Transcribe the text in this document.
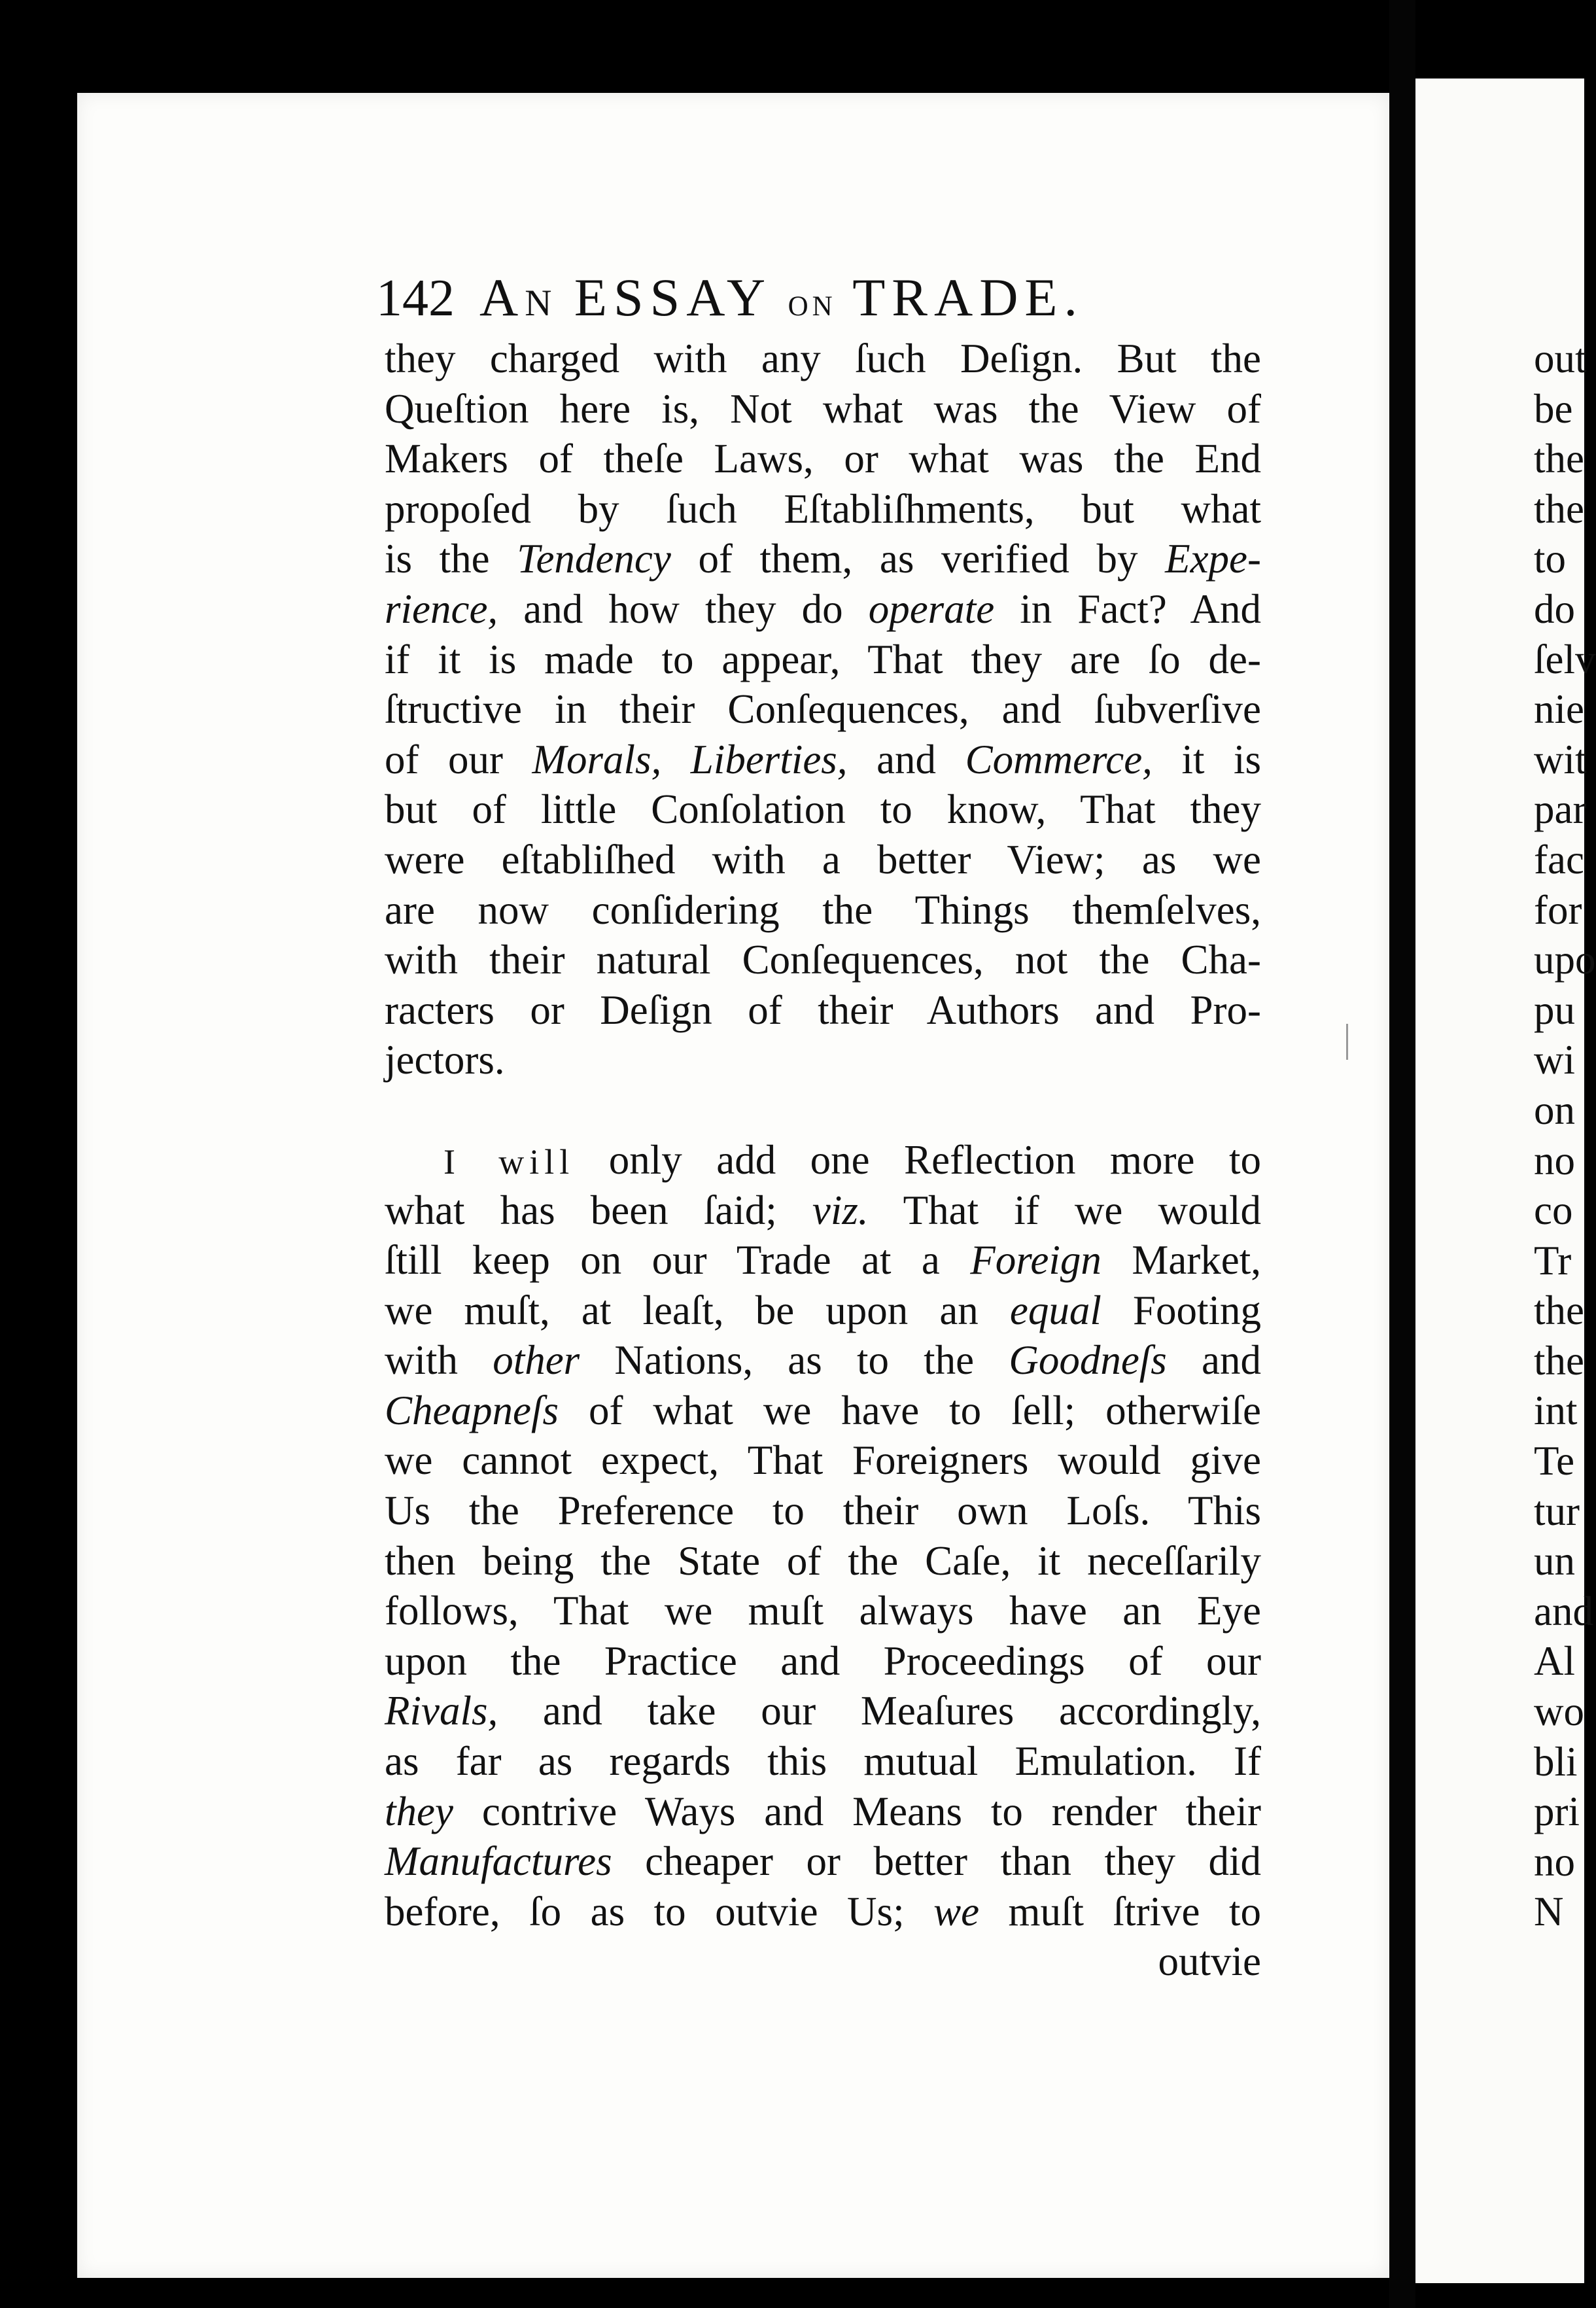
142 An ESSAY on TRADE.
they charged with any ſuch Deſign. But the
Queſtion here is, Not what was the View of
Makers of theſe Laws, or what was the End
propoſed by ſuch Eſtabliſhments, but what
is the Tendency of them, as verified by Expe-
rience, and how they do operate in Fact? And
if it is made to appear, That they are ſo de-
ſtructive in their Conſequences, and ſubverſive
of our Morals, Liberties, and Commerce, it is
but of little Conſolation to know, That they
were eſtabliſhed with a better View; as we
are now conſidering the Things themſelves,
with their natural Conſequences, not the Cha-
racters or Deſign of their Authors and Pro-
jectors.
I will only add one Reflection more to
what has been ſaid; viz. That if we would
ſtill keep on our Trade at a Foreign Market,
we muſt, at leaſt, be upon an equal Footing
with other Nations, as to the Goodneſs and
Cheapneſs of what we have to ſell; otherwiſe
we cannot expect, That Foreigners would give
Us the Preference to their own Loſs. This
then being the State of the Caſe, it neceſſarily
follows, That we muſt always have an Eye
upon the Practice and Proceedings of our
Rivals, and take our Meaſures accordingly,
as far as regards this mutual Emulation. If
they contrive Ways and Means to render their
Manufactures cheaper or better than they did
before, ſo as to outvie Us; we muſt ſtrive to
outvie
out
be
the
the
to
do
ſelv
nie
wit
par
fac
for
upo
pu
wi
on
no
co
Tr
the
the
int
Te
tur
un
and
Al
wo
bli
pri
no
N
